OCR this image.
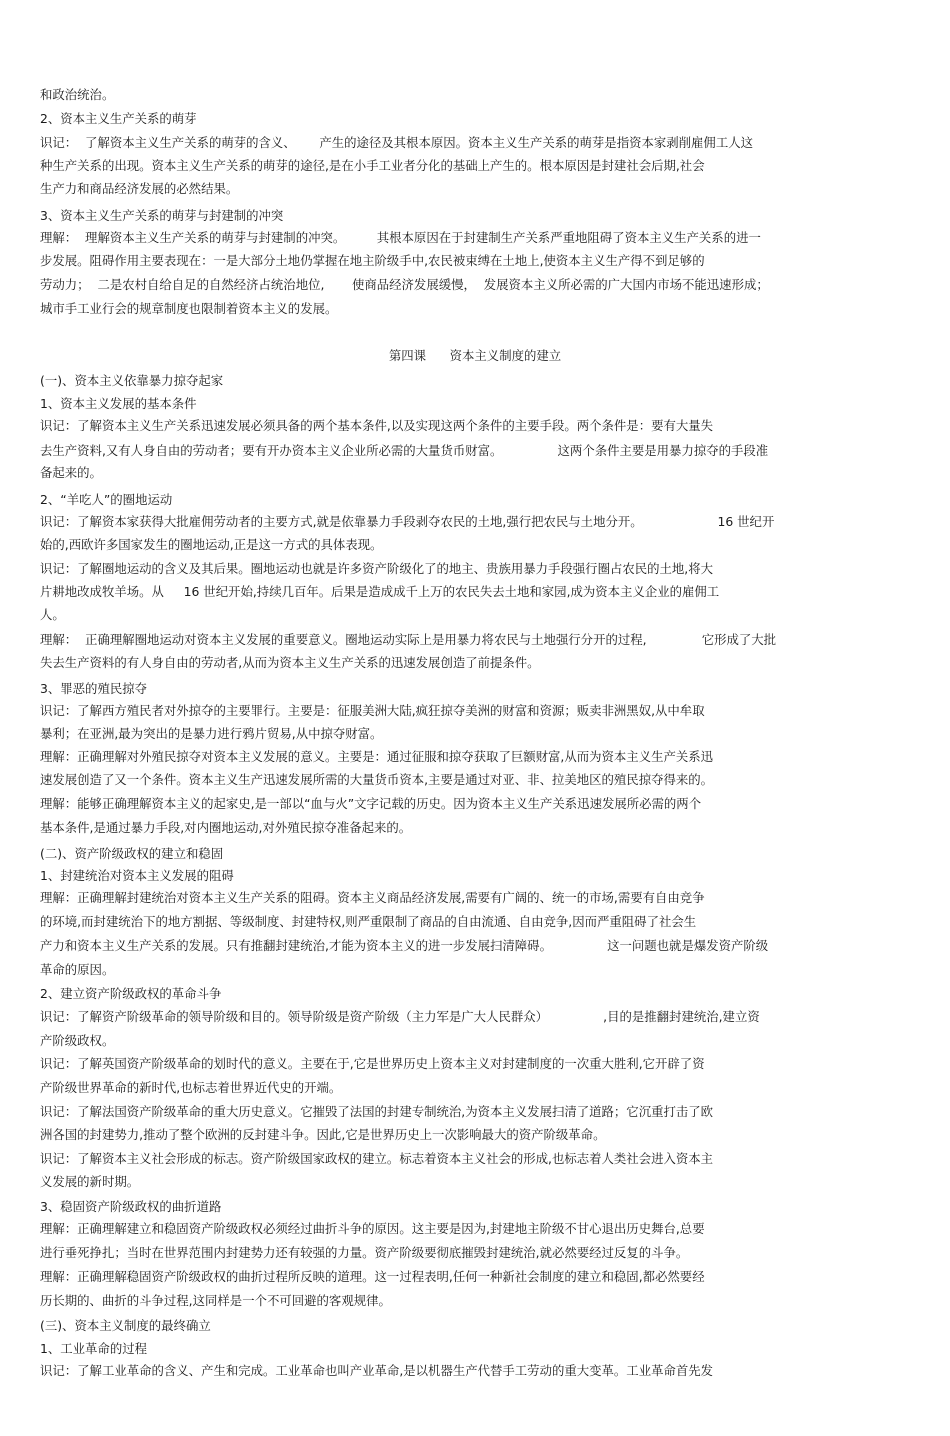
和政治统治。
2、资本主义生产关系的萌芽
识记：  了解资本主义生产关系的萌芽的含义、      产生的途径及其根本原因。资本主义生产关系的萌芽是指资本家剥削雇佣工人这
种生产关系的出现。资本主义生产关系的萌芽的途径,是在小手工业者分化的基础上产生的。根本原因是封建社会后期,社会
生产力和商品经济发展的必然结果。
3、资本主义生产关系的萌芽与封建制的冲突
理解：  理解资本主义生产关系的萌芽与封建制的冲突。        其根本原因在于封建制生产关系严重地阻碍了资本主义生产关系的进一
步发展。阻碍作用主要表现在：一是大部分土地仍掌握在地主阶级手中,农民被束缚在土地上,使资本主义生产得不到足够的
劳动力；  二是农村自给自足的自然经济占统治地位,       使商品经济发展缓慢，  发展资本主义所必需的广大国内市场不能迅速形成；
城市手工业行会的规章制度也限制着资本主义的发展。
第四课      资本主义制度的建立
(一)、资本主义依靠暴力掠夺起家
1、资本主义发展的基本条件
识记：了解资本主义生产关系迅速发展必须具备的两个基本条件,以及实现这两个条件的主要手段。两个条件是：要有大量失
去生产资料,又有人身自由的劳动者；要有开办资本主义企业所必需的大量货币财富。              这两个条件主要是用暴力掠夺的手段准
备起来的。
2、“羊吃人”的圈地运动
识记：了解资本家获得大批雇佣劳动者的主要方式,就是依靠暴力手段剥夺农民的土地,强行把农民与土地分开。                   16 世纪开
始的,西欧许多国家发生的圈地运动,正是这一方式的具体表现。
识记：了解圈地运动的含义及其后果。圈地运动也就是许多资产阶级化了的地主、贵族用暴力手段强行圈占农民的土地,将大
片耕地改成牧羊场。从     16 世纪开始,持续几百年。后果是造成成千上万的农民失去土地和家园,成为资本主义企业的雇佣工
人。
理解：  正确理解圈地运动对资本主义发展的重要意义。圈地运动实际上是用暴力将农民与土地强行分开的过程,              它形成了大批
失去生产资料的有人身自由的劳动者,从而为资本主义生产关系的迅速发展创造了前提条件。
3、罪恶的殖民掠夺
识记：了解西方殖民者对外掠夺的主要罪行。主要是：征服美洲大陆,疯狂掠夺美洲的财富和资源；贩卖非洲黑奴,从中牟取
暴利；在亚洲,最为突出的是暴力进行鸦片贸易,从中掠夺财富。
理解：正确理解对外殖民掠夺对资本主义发展的意义。主要是：通过征服和掠夺获取了巨额财富,从而为资本主义生产关系迅
速发展创造了又一个条件。资本主义生产迅速发展所需的大量货币资本,主要是通过对亚、非、拉美地区的殖民掠夺得来的。
理解：能够正确理解资本主义的起家史,是一部以“血与火”文字记载的历史。因为资本主义生产关系迅速发展所必需的两个
基本条件,是通过暴力手段,对内圈地运动,对外殖民掠夺准备起来的。
(二)、资产阶级政权的建立和稳固
1、封建统治对资本主义发展的阻碍
理解：正确理解封建统治对资本主义生产关系的阻碍。资本主义商品经济发展,需要有广阔的、统一的市场,需要有自由竞争
的环境,而封建统治下的地方割据、等级制度、封建特权,则严重限制了商品的自由流通、自由竞争,因而严重阻碍了社会生
产力和资本主义生产关系的发展。只有推翻封建统治,才能为资本主义的进一步发展扫清障碍。              这一问题也就是爆发资产阶级
革命的原因。
2、建立资产阶级政权的革命斗争
识记：了解资产阶级革命的领导阶级和目的。领导阶级是资产阶级（主力军是广大人民群众）              ,目的是推翻封建统治,建立资
产阶级政权。
识记：了解英国资产阶级革命的划时代的意义。主要在于,它是世界历史上资本主义对封建制度的一次重大胜利,它开辟了资
产阶级世界革命的新时代,也标志着世界近代史的开端。
识记：了解法国资产阶级革命的重大历史意义。它摧毁了法国的封建专制统治,为资本主义发展扫清了道路；它沉重打击了欧
洲各国的封建势力,推动了整个欧洲的反封建斗争。因此,它是世界历史上一次影响最大的资产阶级革命。
识记：了解资本主义社会形成的标志。资产阶级国家政权的建立。标志着资本主义社会的形成,也标志着人类社会进入资本主
义发展的新时期。
3、稳固资产阶级政权的曲折道路
理解：正确理解建立和稳固资产阶级政权必须经过曲折斗争的原因。这主要是因为,封建地主阶级不甘心退出历史舞台,总要
进行垂死挣扎；当时在世界范围内封建势力还有较强的力量。资产阶级要彻底摧毁封建统治,就必然要经过反复的斗争。
理解：正确理解稳固资产阶级政权的曲折过程所反映的道理。这一过程表明,任何一种新社会制度的建立和稳固,都必然要经
历长期的、曲折的斗争过程,这同样是一个不可回避的客观规律。
(三)、资本主义制度的最终确立
1、工业革命的过程
识记：了解工业革命的含义、产生和完成。工业革命也叫产业革命,是以机器生产代替手工劳动的重大变革。工业革命首先发
